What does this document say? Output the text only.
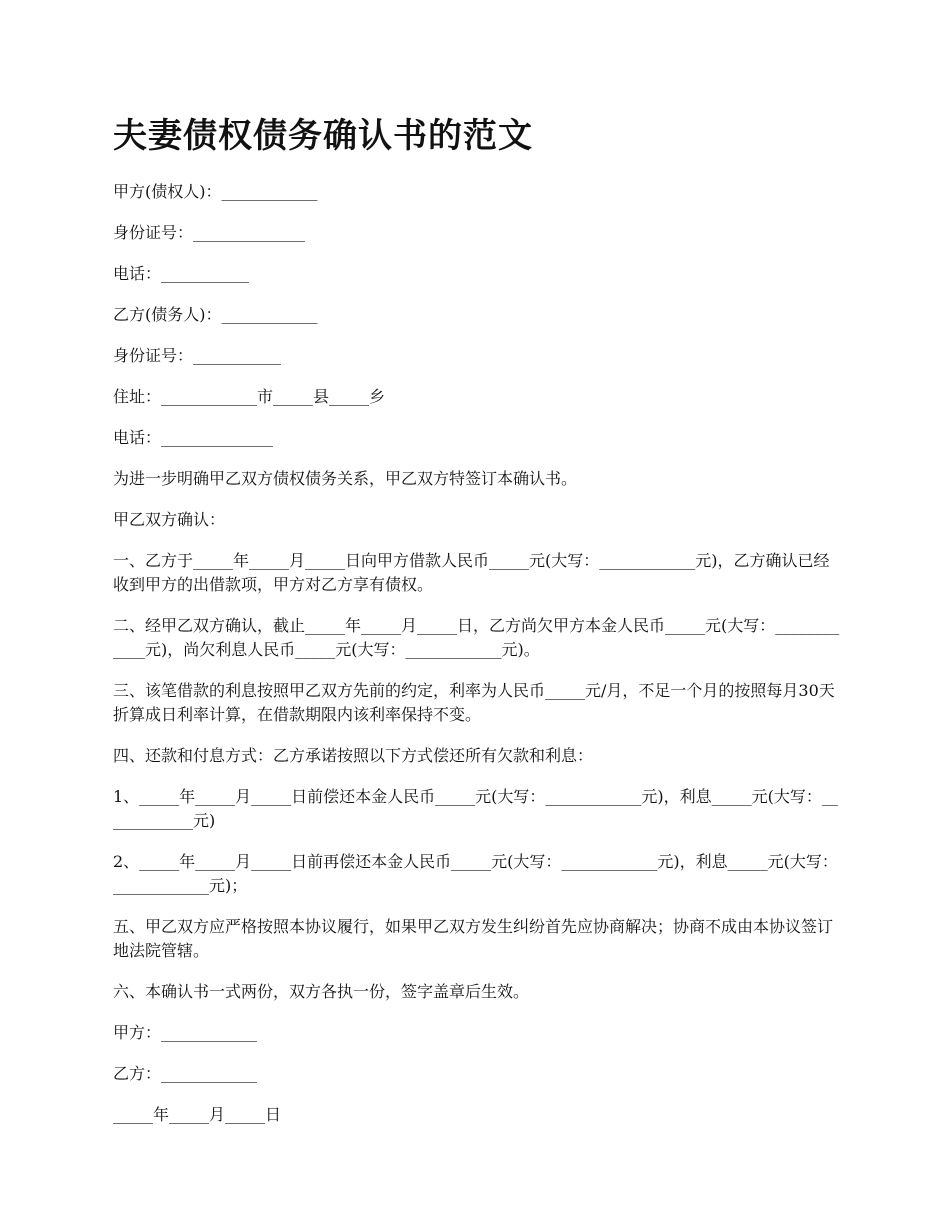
夫妻债权债务确认书的范文

甲方(债权人)：____________

身份证号：______________

电话：___________

乙方(债务人)：____________

身份证号：___________

住址：____________市_____县_____乡

电话：______________

为进一步明确甲乙双方债权债务关系，甲乙双方特签订本确认书。

甲乙双方确认：

一、乙方于_____年_____月_____日向甲方借款人民币_____元(大写：____________元)，乙方确认已经收到甲方的出借款项，甲方对乙方享有债权。

二、经甲乙双方确认，截止_____年_____月_____日，乙方尚欠甲方本金人民币_____元(大写：____________元)，尚欠利息人民币_____元(大写：____________元)。

三、该笔借款的利息按照甲乙双方先前的约定，利率为人民币_____元/月，不足一个月的按照每月30天折算成日利率计算，在借款期限内该利率保持不变。

四、还款和付息方式：乙方承诺按照以下方式偿还所有欠款和利息：

1、_____年_____月_____日前偿还本金人民币_____元(大写：____________元)，利息_____元(大写：____________元)

2、_____年_____月_____日前再偿还本金人民币_____元(大写：____________元)，利息_____元(大写：____________元)；

五、甲乙双方应严格按照本协议履行，如果甲乙双方发生纠纷首先应协商解决；协商不成由本协议签订地法院管辖。

六、本确认书一式两份，双方各执一份，签字盖章后生效。

甲方：____________

乙方：____________

_____年_____月_____日
